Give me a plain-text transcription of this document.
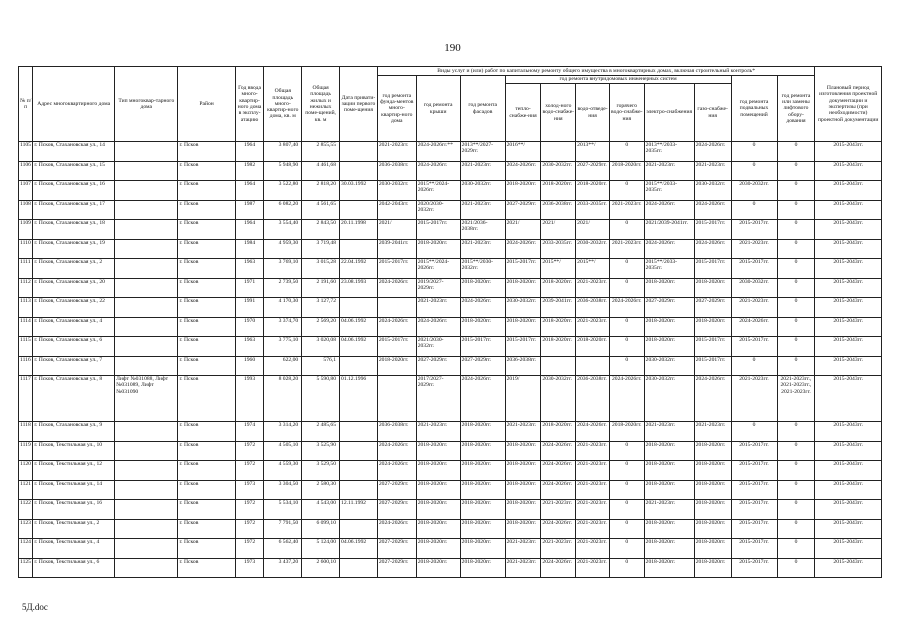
190
№ п/п	Адрес многоквартирного дома	Тип многоквар-тарного дома	Район	Год ввода много-квартир-ного дома в эксплу-атацию	Общая площадь много-квартир-ного дома, кв. м	Общая площадь жилых и нежилых поме-щений, кв. м	Дата привати-зации первого поме-щения	Виды услуг и (или) работ по капитальному ремонту общего имущества в многоквартирных домах, включая строительный контроль*											Плановый период изготовления проектной документации и экспертизы (при необходимости) проектной документации
								год ремонта фунда-ментов много-квартир-ного дома	год ремонта крыши	год ремонта фасадов	год ремонта внутридомовых инженерных систем						год ремонта подвальных помещений	год ремонта или замены лифтового обору-дования	
											тепло-снабже-ния	холод-ного водо-снабже-ния	водо-отведе-ния	горячего водо-снабже-ния	электро-снабжения	газо-снабже-ния			
1105	г. Псков, Стахановская ул., 14		г. Псков	1964	3 807,40	2 855,55		2021-2023гг.	2024-2026гг.**	2013**/2027-2029гг.	2016**/		2013**/	0	2013**/2033-2035гг.	2024-2026гг.	0	0	2015-2043гг.
1106	г. Псков, Стахановская ул., 15		г. Псков	1982	5 948,90	4 461,68		2036-2038гг.	2024-2026гг.	2021-2023гг.	2024-2026гг.	2030-2032гг.	2027-2029гг.	2018-2020гг.	2021-2023гг.	2021-2023гг.	0	0	2015-2043гг.
1107	г. Псков, Стахановская ул., 16		г. Псков	1964	3 522,80	2 818,20	30.03.1992	2030-2032гг.	2015**/2024-2026гг.	2030-2032гг.	2018-2020гг.	2018-2020гг.	2018-2020гг.	0	2015**/2033-2035гг.	2030-2032гг.	2030-2032гг.	0	2015-2043гг.
1108	г. Псков, Стахановская ул., 17		г. Псков	1987	6 082,20	4 561,65		2042-2043гг.	2020/2030-2032гг.	2021-2023гг.	2027-2029гг.	2036-2038гг.	2033-2035гг.	2021-2023гг.	2024-2026гг.	2024-2026гг.	0	0	2015-2043гг.
1109	г. Псков, Стахановская ул., 18		г. Псков	1964	3 554,40	2 843,50	20.11.1998	2021/	2015-2017гг.	2021/2036-2038гг.	2021/	2021/	2021/	0	2021/2039-2041гг.	2015-2017гг.	2015-2017гг.	0	2015-2043гг.
1110	г. Псков, Стахановская ул., 19		г. Псков	1984	4 959,30	3 719,48		2039-2041гг.	2018-2020гг.	2021-2023гг.	2024-2026гг.	2033-2035гг.	2030-2032гг.	2021-2023гг.	2024-2026гг.	2024-2026гг.	2021-2023гг.	0	2015-2043гг.
1111	г. Псков, Стахановская ул., 2		г. Псков	1963	3 769,10	3 015,28	22.04.1992	2015-2017гг.	2015**/2024-2026гг.	2015**/2030-2032гг.	2015-2017гг.	2015**/	2015**/	0	2015**/2033-2035гг.	2015-2017гг.	2015-2017гг.	0	2015-2043гг.
1112	г. Псков, Стахановская ул., 20		г. Псков	1971	2 739,50	2 191,60	23.08.1993	2024-2026гг.	2019/2027-2029гг.	2018-2020гг.	2018-2020гг.	2018-2020гг.	2021-2023гг.	0	2018-2020гг.	2018-2020гг.	2030-2032гг.	0	2015-2043гг.
1113	г. Псков, Стахановская ул., 22		г. Псков	1991	4 170,30	3 127,72			2021-2023гг.	2024-2026гг.	2030-2032гг.	2039-2041гг.	2036-2038гг.	2024-2026гг.	2027-2029гг.	2027-2029гг.	2021-2023гг.	0	2015-2043гг.
1114	г. Псков, Стахановская ул., 4		г. Псков	1970	3 374,70	2 569,20	04.06.1992	2024-2026гг.	2024-2026гг.	2018-2020гг.	2018-2020гг.	2018-2020гг.	2021-2023гг.	0	2018-2020гг.	2018-2020гг.	2024-2026гг.	0	2015-2043гг.
1115	г. Псков, Стахановская ул., 6		г. Псков	1963	3 775,10	3 020,08	04.06.1992	2015-2017гг.	2021/2030-2032гг.	2015-2017гг.	2015-2017гг.	2018-2020гг.	2018-2020гг.	0	2018-2020гг.	2015-2017гг.	2015-2017гг.	0	2015-2043гг.
1116	г. Псков, Стахановская ул., 7		г. Псков	1960	622,00	576,1		2018-2020гг.	2027-2029гг.	2027-2029гг.	2036-2038гг.			0	2030-2032гг.	2015-2017гг.	0	0	2015-2043гг.
1117	г. Псков, Стахановская ул., 8	Лифт №031088, Лифт №031089, Лифт №031090	г. Псков	1993	8 028,20	5 590,80	01.12.1996		2017/2027-2029гг.	2024-2026гг.	2019/	2030-2032гг.	2036-2038гг.	2024-2026гг.	2030-2032гг.	2024-2026гг.	2021-2023гг.	2021-2023гг., 2021-2023гг., 2021-2023гг.	2015-2043гг.
1118	г. Псков, Стахановская ул., 9		г. Псков	1974	3 314,20	2 485,65		2036-2038гг.	2021-2023гг.	2018-2020гг.	2021-2023гг.	2018-2020гг.	2024-2026гг.	2018-2020гг.	2021-2023гг.	2021-2023гг.	0	0	2015-2043гг.
1119	г. Псков, Текстильная ул., 10		г. Псков	1972	4 505,10	3 525,90		2024-2026гг.	2018-2020гг.	2018-2020гг.	2018-2020гг.	2024-2026гг.	2021-2023гг.	0	2018-2020гг.	2018-2020гг.	2015-2017гг.	0	2015-2043гг.
1120	г. Псков, Текстильная ул., 12		г. Псков	1972	4 559,30	3 529,50		2024-2026гг.	2018-2020гг.	2018-2020гг.	2018-2020гг.	2024-2026гг.	2021-2023гг.	0	2018-2020гг.	2018-2020гг.	2015-2017гг.	0	2015-2043гг.
1121	г. Псков, Текстильная ул., 14		г. Псков	1973	3 304,50	2 580,30		2027-2029гг.	2018-2020гг.	2018-2020гг.	2018-2020гг.	2024-2026гг.	2021-2023гг.	0	2018-2020гг.	2018-2020гг.	2015-2017гг.	0	2015-2043гг.
1122	г. Псков, Текстильная ул., 16		г. Псков	1972	5 534,10	4 543,00	12.11.1992	2027-2029гг.	2018-2020гг.	2018-2020гг.	2018-2020гг.	2021-2023гг.	2021-2023гг.	0	2021-2023гг.	2018-2020гг.	2015-2017гг.	0	2015-2043гг.
1123	г. Псков, Текстильная ул., 2		г. Псков	1972	7 791,50	6 099,10		2024-2026гг.	2018-2020гг.	2018-2020гг.	2018-2020гг.	2024-2026гг.	2021-2023гг.	0	2018-2020гг.	2018-2020гг.	2015-2017гг.	0	2015-2043гг.
1124	г. Псков, Текстильная ул., 4		г. Псков	1972	6 562,40	5 124,00	04.06.1992	2027-2029гг.	2018-2020гг.	2018-2020гг.	2021-2023гг.	2021-2023гг.	2021-2023гг.	0	2018-2020гг.	2018-2020гг.	2015-2017гг.	0	2015-2043гг.
1125	г. Псков, Текстильная ул., 6		г. Псков	1973	3 437,20	2 600,10		2027-2029гг.	2018-2020гг.	2018-2020гг.	2021-2023гг.	2024-2026гг.	2021-2023гг.	0	2018-2020гг.	2018-2020гг.	2015-2017гг.	0	2015-2043гг.
5Д.doc
